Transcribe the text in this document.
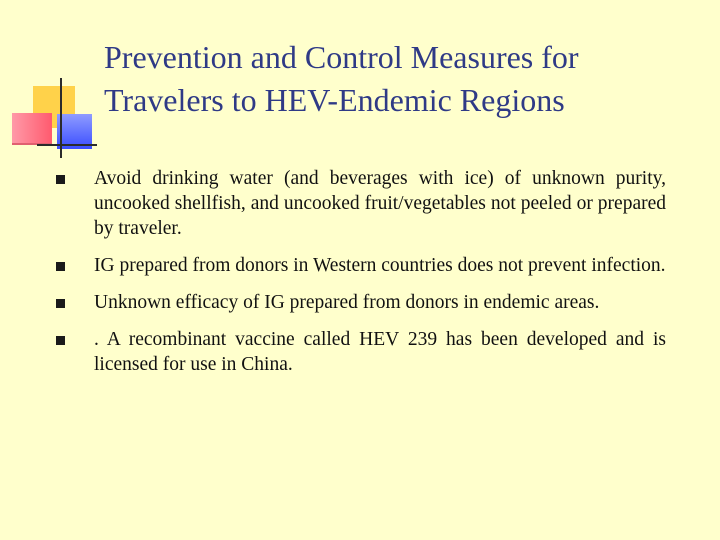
Prevention and Control Measures for
Travelers to HEV-Endemic Regions
Avoid drinking water (and beverages with ice) of unknown purity, uncooked shellfish, and uncooked fruit/vegetables not peeled or prepared by traveler.
IG prepared from donors in Western countries does not prevent infection.
Unknown efficacy of IG prepared from donors in endemic areas.
. A recombinant vaccine called HEV 239 has been developed and is licensed for use in China.
